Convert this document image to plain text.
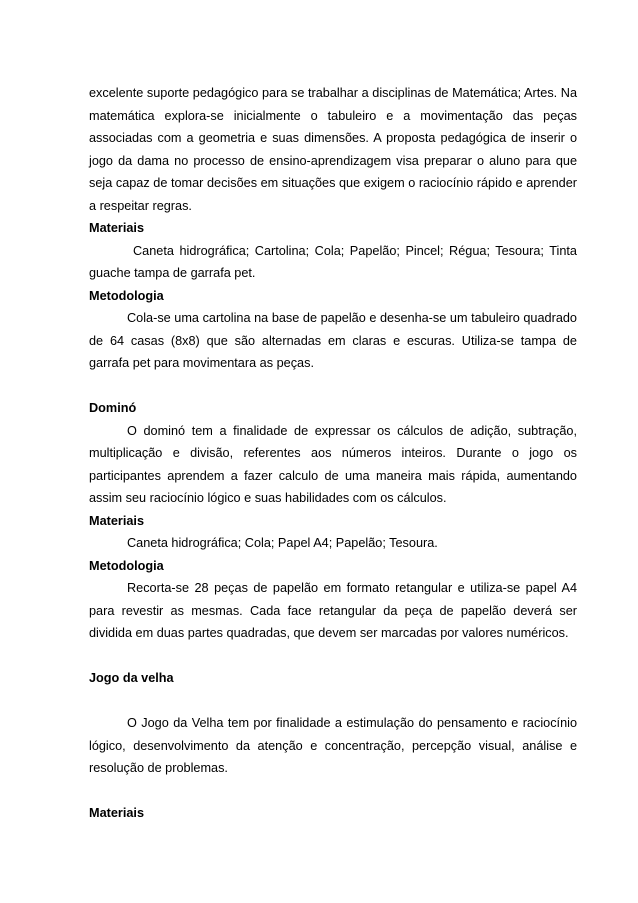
excelente suporte pedagógico para se trabalhar a disciplinas de Matemática; Artes. Na matemática explora-se inicialmente o tabuleiro e a movimentação das peças associadas com a geometria e suas dimensões. A proposta pedagógica de inserir o jogo da dama no processo de ensino-aprendizagem visa preparar o aluno para que seja capaz de tomar decisões em situações que exigem o raciocínio rápido e aprender a respeitar regras.

Materiais

Caneta hidrográfica; Cartolina; Cola; Papelão; Pincel; Régua; Tesoura; Tinta guache tampa de garrafa pet.

Metodologia

Cola-se uma cartolina na base de papelão e desenha-se um tabuleiro quadrado de 64 casas (8x8) que são alternadas em claras e escuras. Utiliza-se tampa de garrafa pet para movimentara as peças.

Dominó

O dominó tem a finalidade de expressar os cálculos de adição, subtração, multiplicação e divisão, referentes aos números inteiros. Durante o jogo os participantes aprendem a fazer calculo de uma maneira mais rápida, aumentando assim seu raciocínio lógico e suas habilidades com os cálculos.

Materiais

Caneta hidrográfica; Cola; Papel A4; Papelão; Tesoura.

Metodologia

Recorta-se 28 peças de papelão em formato retangular e utiliza-se papel A4 para revestir as mesmas. Cada face retangular da peça de papelão deverá ser dividida em duas partes quadradas, que devem ser marcadas por valores numéricos.

Jogo da velha

O Jogo da Velha tem por finalidade a estimulação do pensamento e raciocínio lógico, desenvolvimento da atenção e concentração, percepção visual, análise e resolução de problemas.

Materiais
